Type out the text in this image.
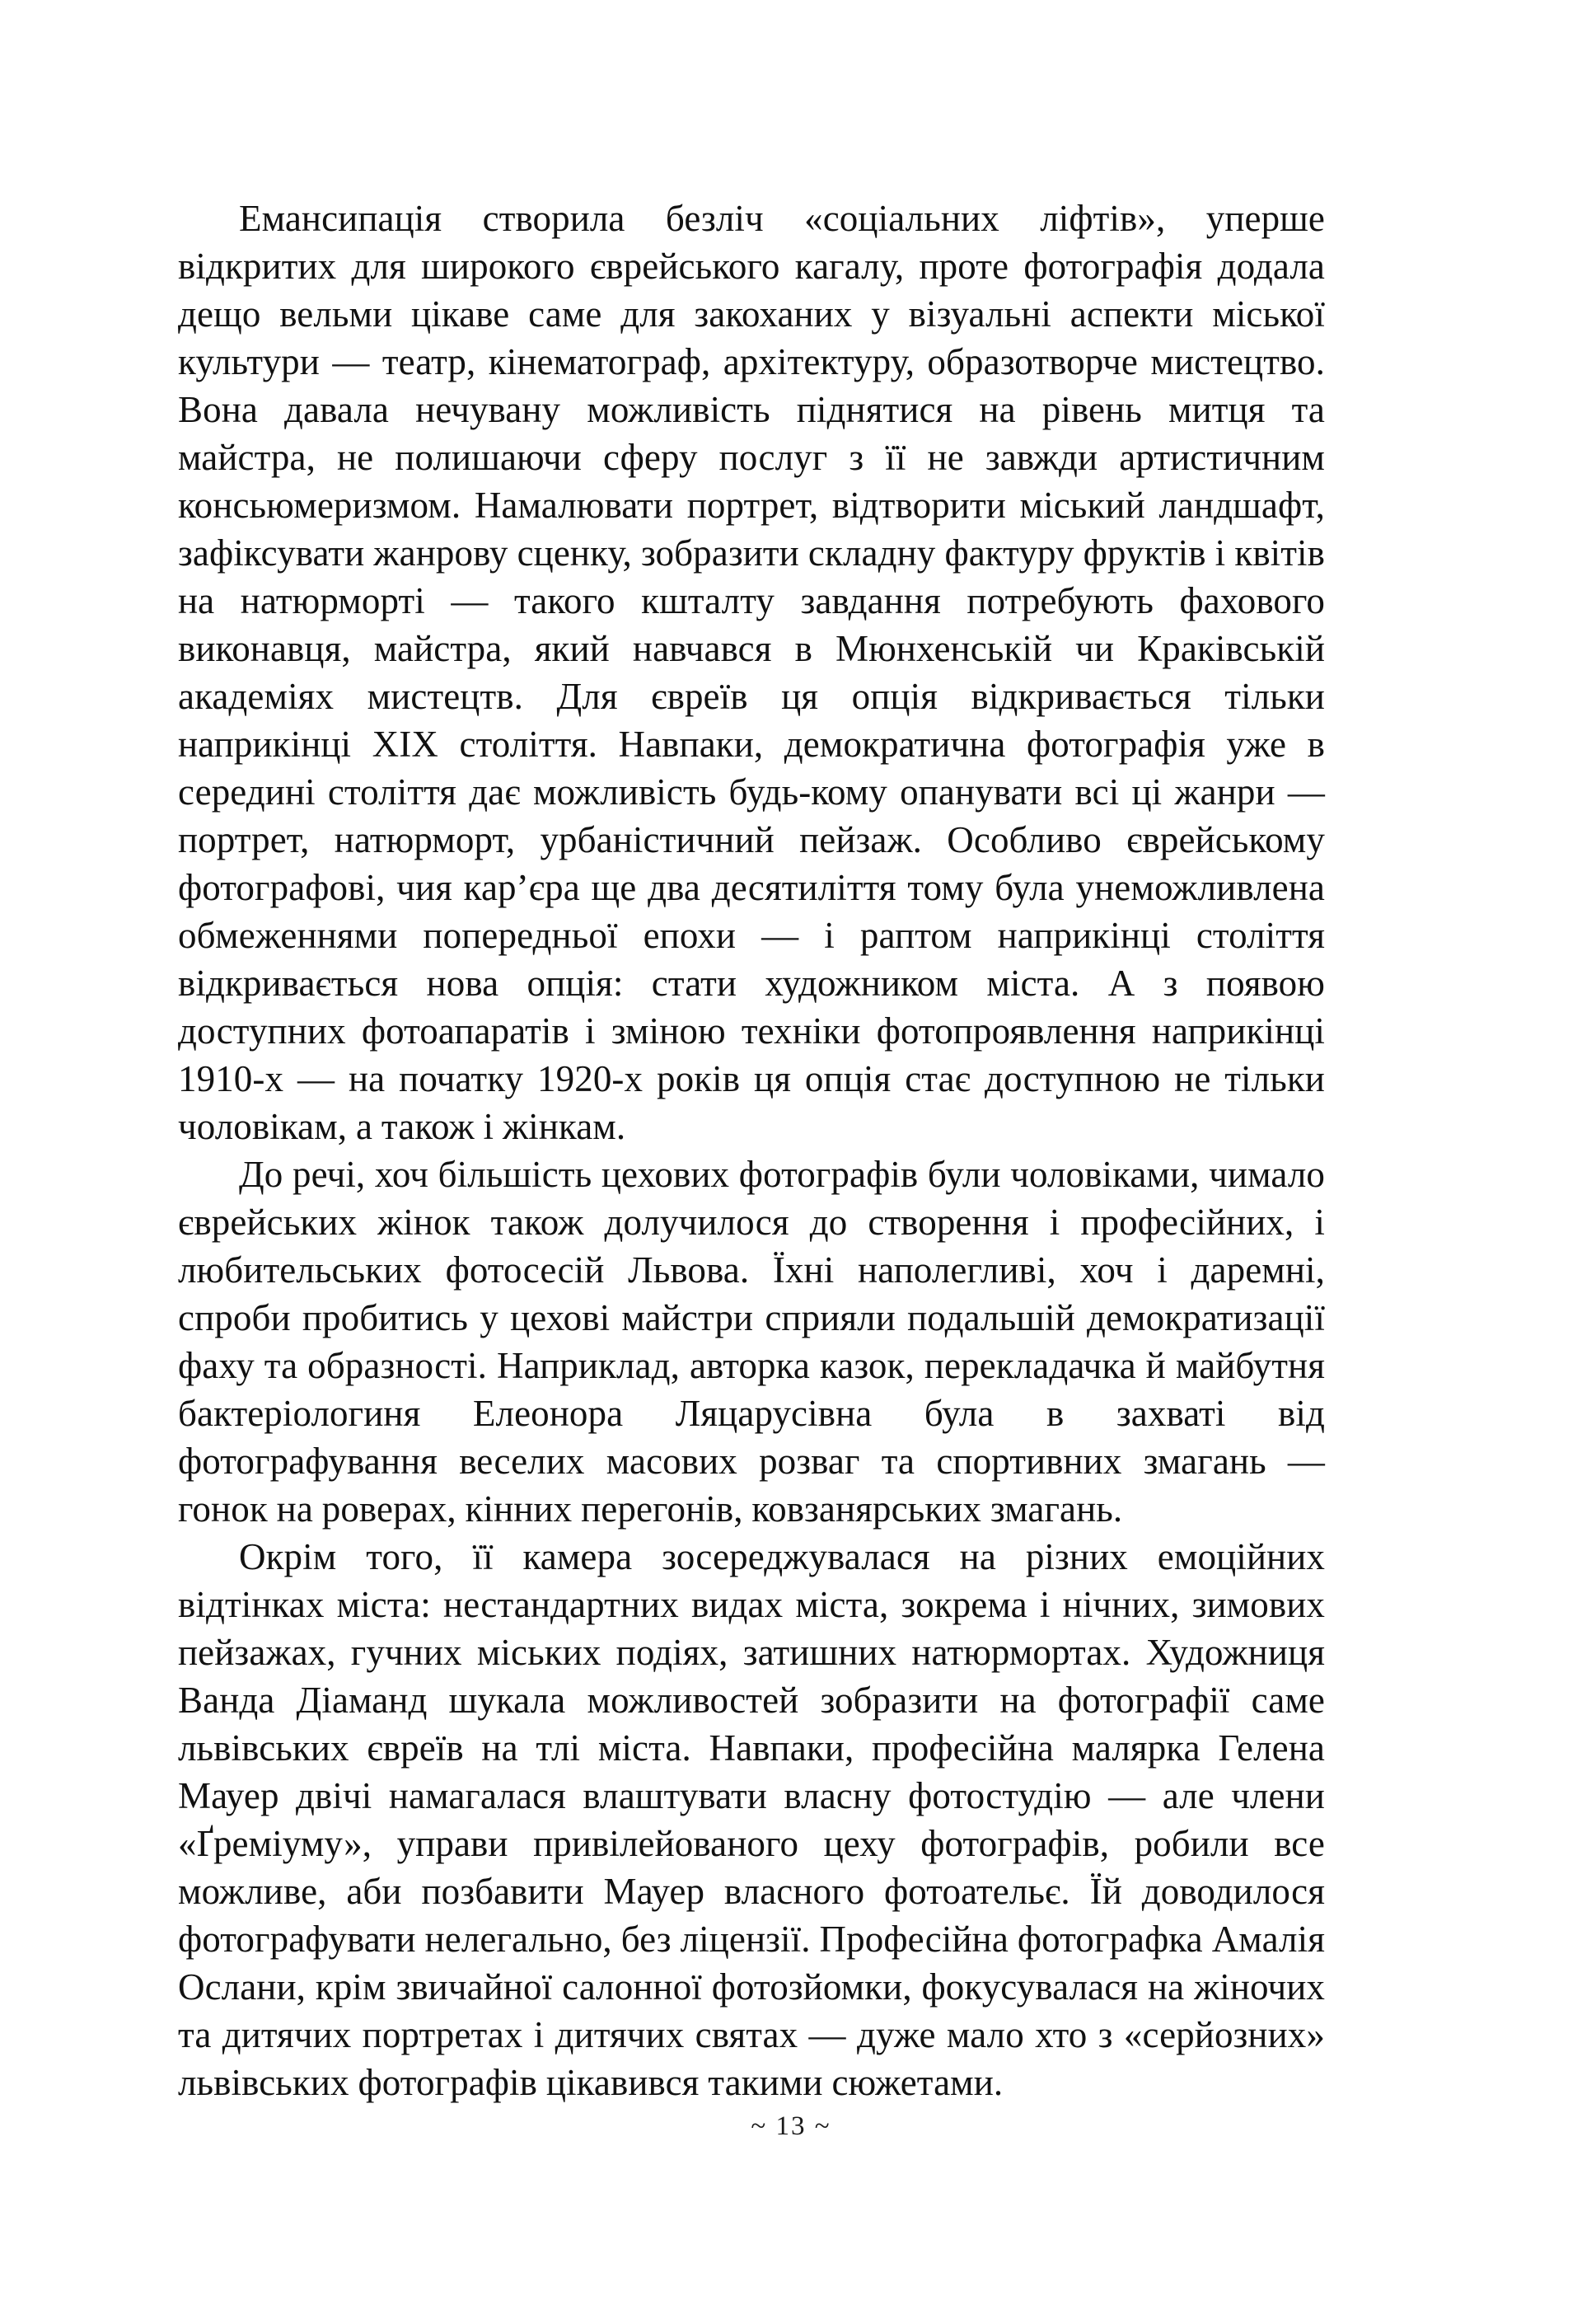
Емансипація створила безліч «соціальних ліфтів», уперше відкритих для широкого єврейського кагалу, проте фотографія додала дещо вельми цікаве саме для закоханих у візуальні аспекти міської культури — театр, кінематограф, архітектуру, образотворче мистецтво. Вона давала нечувану можливість піднятися на рівень митця та майстра, не полишаючи сферу послуг з її не завжди артистичним консьюмеризмом. Намалювати портрет, відтворити міський ландшафт, зафіксувати жанрову сценку, зобразити складну фактуру фруктів і квітів на натюрморті — такого кшталту завдання потребують фахового виконавця, майстра, який навчався в Мюнхенській чи Краківській академіях мистецтв. Для євреїв ця опція відкривається тільки наприкінці XIX століття. Навпаки, демократична фотографія уже в середині століття дає можливість будь-кому опанувати всі ці жанри — портрет, натюрморт, урбаністичний пейзаж. Особливо єврейському фотографові, чия кар’єра ще два десятиліття тому була унеможливлена обмеженнями попередньої епохи — і раптом наприкінці століття відкривається нова опція: стати художником міста. А з появою доступних фотоапаратів і зміною техніки фотопроявлення наприкінці 1910-х — на початку 1920-х років ця опція стає доступною не тільки чоловікам, а також і жінкам.

До речі, хоч більшість цехових фотографів були чоловіками, чимало єврейських жінок також долучилося до створення і професійних, і любительських фотосесій Львова. Їхні наполегливі, хоч і даремні, спроби пробитись у цехові майстри сприяли подальшій демократизації фаху та образності. Наприклад, авторка казок, перекладачка й майбутня бактеріологиня Елеонора Ляцарусівна була в захваті від фотографування веселих масових розваг та спортивних змагань — гонок на роверах, кінних перегонів, ковзанярських змагань.

Окрім того, її камера зосереджувалася на різних емоційних відтінках міста: нестандартних видах міста, зокрема і нічних, зимових пейзажах, гучних міських подіях, затишних натюрмортах. Художниця Ванда Діаманд шукала можливостей зобразити на фотографії саме львівських євреїв на тлі міста. Навпаки, професійна малярка Гелена Мауер двічі намагалася влаштувати власну фотостудію — але члени «Ґреміуму», управи привілейованого цеху фотографів, робили все можливе, аби позбавити Мауер власного фотоательє. Їй доводилося фотографувати нелегально, без ліцензії. Професійна фотографка Амалія Ослани, крім звичайної салонної фотозйомки, фокусувалася на жіночих та дитячих портретах і дитячих святах — дуже мало хто з «серйозних» львівських фотографів цікавився такими сюжетами.

~ 13 ~
